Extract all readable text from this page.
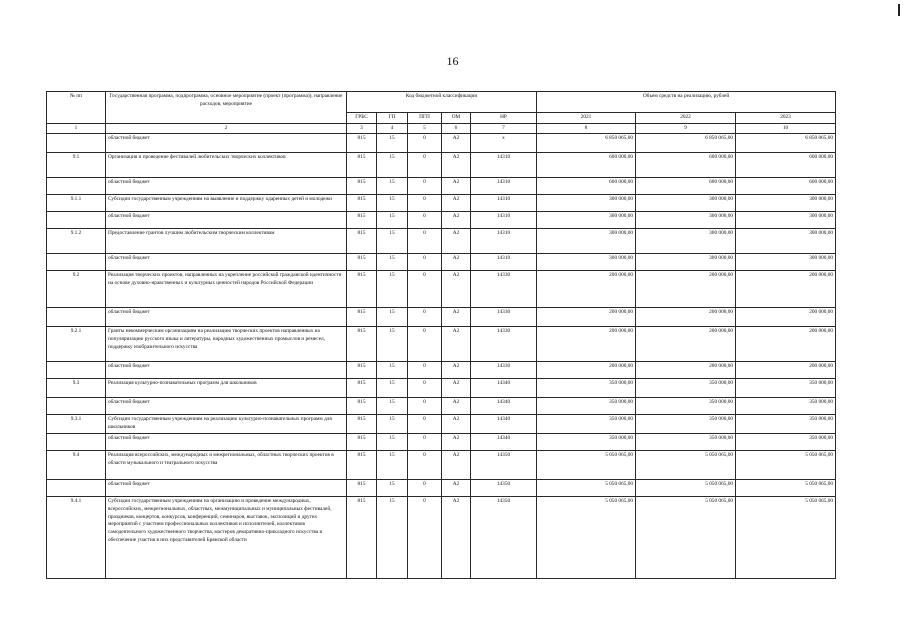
16
№ пп	Государственная программа, подпрограмма, основное мероприятие (проект (программа)), направление расходов, мероприятие	Код бюджетной классификации					Объем средств на реализацию, рублей		
		ГРБС	ГП	ПГП	ОМ	НР	2021	2022	2023
1	2	3	4	5	6	7	8	9	10
	областной бюджет	815	15	0	А2	x	6 850 065,00	6 850 065,00	6 850 065,00
9.1	Организация и проведение фестивалей любительских творческих коллективов	815	15	0	А2	14310	600 000,00	600 000,00	600 000,00
	областной бюджет	815	15	0	А2	14310	600 000,00	600 000,00	600 000,00
9.1.1	Субсидии государственным учреждениям на выявление и поддержку одаренных детей и молодежи	815	15	0	А2	14310	300 000,00	300 000,00	300 000,00
	областной бюджет	815	15	0	А2	14310	300 000,00	300 000,00	300 000,00
9.1.2	Предоставление грантов лучшим любительским творческим коллективам	815	15	0	А2	14310	300 000,00	300 000,00	300 000,00
	областной бюджет	815	15	0	А2	14310	300 000,00	300 000,00	300 000,00
9.2	Реализация творческих проектов, направленных на укрепление российской гражданской идентичности на основе духовно-нравственных и культурных ценностей народов Российской Федерации	815	15	0	А2	14330	200 000,00	200 000,00	200 000,00
	областной бюджет	815	15	0	А2	14330	200 000,00	200 000,00	200 000,00
9.2.1	Гранты некоммерческим организациям на реализацию творческих проектов направленных на популяризацию русского языка и литературы, народных художественных промыслов и ремесел, поддержку изобразительного искусства	815	15	0	А2	14330	200 000,00	200 000,00	200 000,00
	областной бюджет	815	15	0	А2	14330	200 000,00	200 000,00	200 000,00
9.3	Реализация культурно-познавательных программ для школьников	815	15	0	А2	14340	350 000,00	350 000,00	350 000,00
	областной бюджет	815	15	0	А2	14340	350 000,00	350 000,00	350 000,00
9.3.1	Субсидии государственным учреждениям на реализацию культурно-познавательных программ для школьников	815	15	0	А2	14340	350 000,00	350 000,00	350 000,00
	областной бюджет	815	15	0	А2	14340	350 000,00	350 000,00	350 000,00
9.4	Реализация всероссийских, международных и межрегиональных, областных творческих проектов в области музыкального и театрального искусства	815	15	0	А2	14350	5 050 065,00	5 050 065,00	5 050 065,00
	областной бюджет	815	15	0	А2	14350	5 050 065,00	5 050 065,00	5 050 065,00
9.4.1	Субсидии государственным учреждениям на организацию и проведение международных, всероссийских, межрегиональных, областных, межмуниципальных и муниципальных фестивалей, праздников, концертов, конкурсов, конференций, семинаров, выставок, экспозиций и других мероприятий с участием профессиональных коллективов и исполнителей, коллективов самодеятельного художественного творчества, мастеров декоративно-прикладного искусства и обеспечение участия в них представителей Брянской области	815	15	0	А2	14350	5 050 065,00	5 050 065,00	5 050 065,00
